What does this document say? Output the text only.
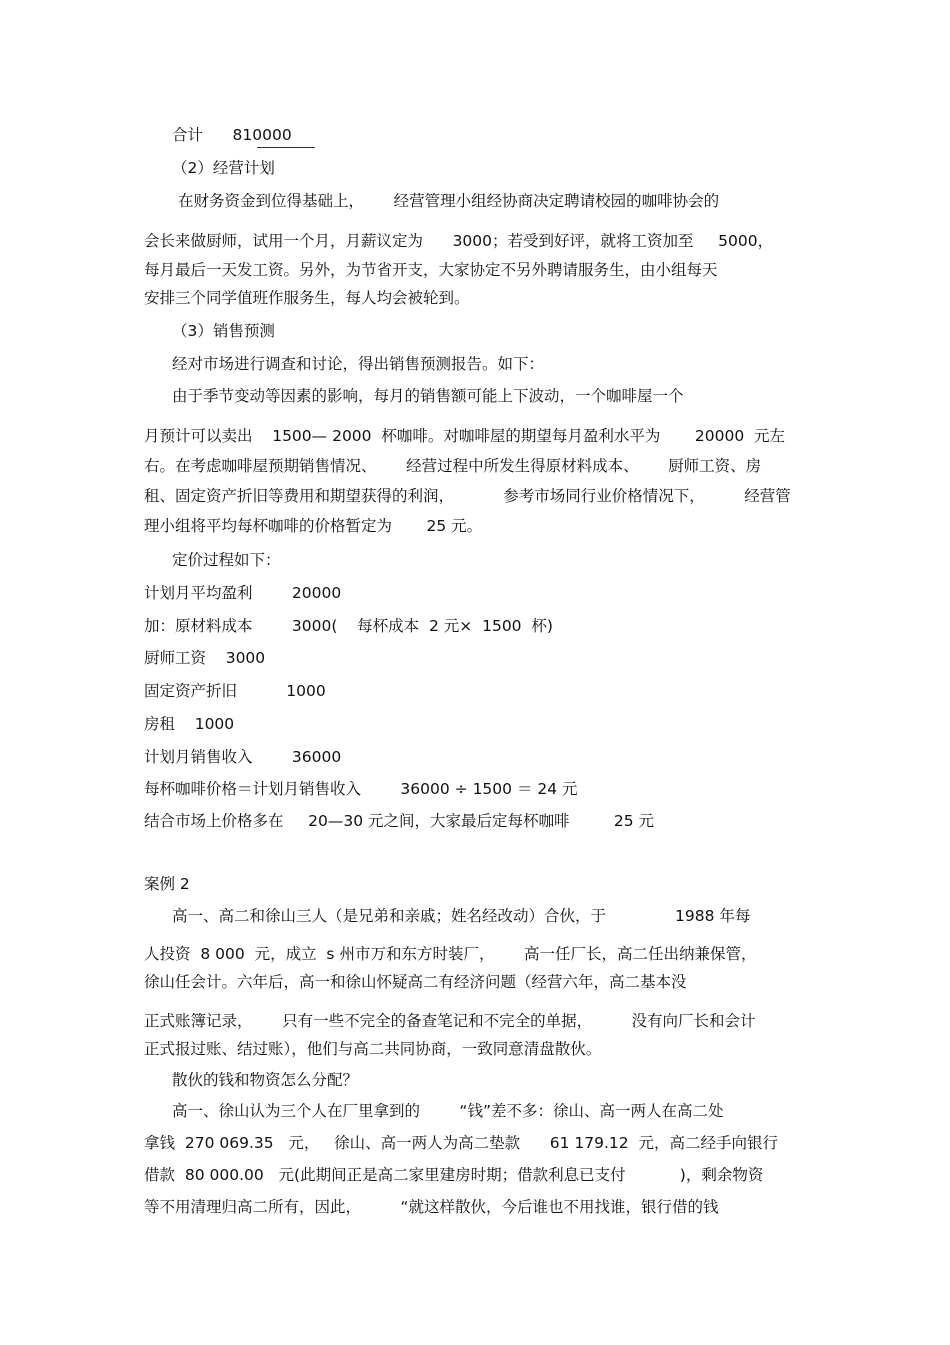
合计      810000
（2）经营计划
在财务资金到位得基础上，      经营管理小组经协商决定聘请校园的咖啡协会的
会长来做厨师，试用一个月，月薪议定为      3000；若受到好评，就将工资加至     5000，
每月最后一天发工资。另外，为节省开支，大家协定不另外聘请服务生，由小组每天
安排三个同学值班作服务生，每人均会被轮到。
（3）销售预测
经对市场进行调查和讨论，得出销售预测报告。如下：
由于季节变动等因素的影响，每月的销售额可能上下波动，一个咖啡屋一个
月预计可以卖出    1500— 2000  杯咖啡。对咖啡屋的期望每月盈利水平为       20000  元左
右。在考虑咖啡屋预期销售情况、      经营过程中所发生得原材料成本、      厨师工资、房
租、固定资产折旧等费用和期望获得的利润，          参考市场同行业价格情况下，        经营管
理小组将平均每杯咖啡的价格暂定为       25 元。
定价过程如下：
计划月平均盈利        20000
加：原材料成本        3000(    每杯成本  2 元×  1500  杯)
厨师工资    3000
固定资产折旧          1000
房租    1000
计划月销售收入        36000
每杯咖啡价格＝计划月销售收入        36000 ÷ 1500 ＝ 24 元
结合市场上价格多在     20—30 元之间，大家最后定每杯咖啡         25 元
案例 2
高一、高二和徐山三人（是兄弟和亲戚；姓名经改动）合伙，于              1988 年每
人投资  8 000  元，成立  s 州市万和东方时装厂，      高一任厂长，高二任出纳兼保管，
徐山任会计。六年后，高一和徐山怀疑高二有经济问题（经营六年，高二基本没
正式账簿记录，      只有一些不完全的备查笔记和不完全的单据，        没有向厂长和会计
正式报过账、结过账），他们与高二共同协商，一致同意清盘散伙。
散伙的钱和物资怎么分配？
高一、徐山认为三个人在厂里拿到的        “钱”差不多：徐山、高一两人在高二处
拿钱  270 069.35   元，   徐山、高一两人为高二垫款      61 179.12  元，高二经手向银行
借款  80 000.00   元(此期间正是高二家里建房时期；借款利息已支付           )，剩余物资
等不用清理归高二所有，因此，        “就这样散伙，今后谁也不用找谁，银行借的钱
